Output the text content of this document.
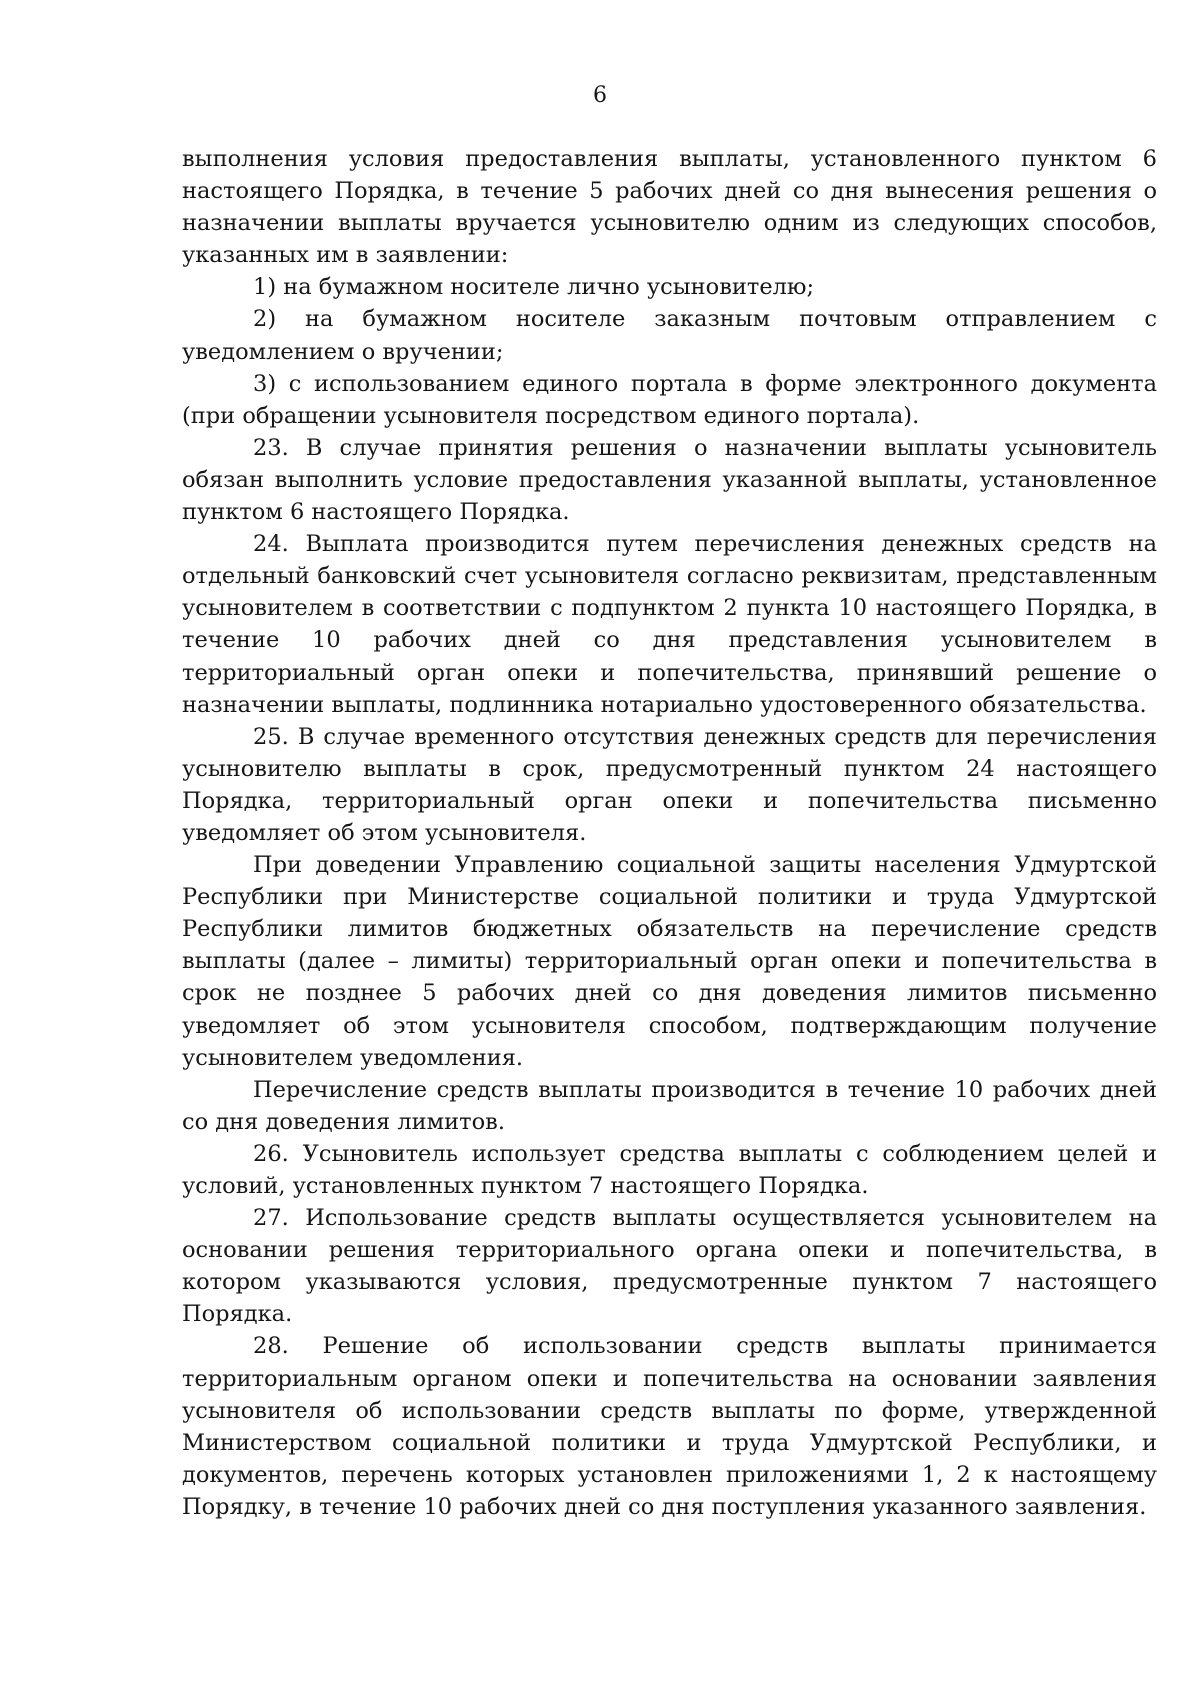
6

выполнения условия предоставления выплаты, установленного пунктом 6 настоящего Порядка, в течение 5 рабочих дней со дня вынесения решения о назначении выплаты вручается усыновителю одним из следующих способов, указанных им в заявлении:

1) на бумажном носителе лично усыновителю;

2) на бумажном носителе заказным почтовым отправлением с уведомлением о вручении;

3) с использованием единого портала в форме электронного документа (при обращении усыновителя посредством единого портала).

23. В случае принятия решения о назначении выплаты усыновитель обязан выполнить условие предоставления указанной выплаты, установленное пунктом 6 настоящего Порядка.

24. Выплата производится путем перечисления денежных средств на отдельный банковский счет усыновителя согласно реквизитам, представленным усыновителем в соответствии с подпунктом 2 пункта 10 настоящего Порядка, в течение 10 рабочих дней со дня представления усыновителем в территориальный орган опеки и попечительства, принявший решение о назначении выплаты, подлинника нотариально удостоверенного обязательства.

25. В случае временного отсутствия денежных средств для перечисления усыновителю выплаты в срок, предусмотренный пунктом 24 настоящего Порядка, территориальный орган опеки и попечительства письменно уведомляет об этом усыновителя.

При доведении Управлению социальной защиты населения Удмуртской Республики при Министерстве социальной политики и труда Удмуртской Республики лимитов бюджетных обязательств на перечисление средств выплаты (далее – лимиты) территориальный орган опеки и попечительства в срок не позднее 5 рабочих дней со дня доведения лимитов письменно уведомляет об этом усыновителя способом, подтверждающим получение усыновителем уведомления.

Перечисление средств выплаты производится в течение 10 рабочих дней со дня доведения лимитов.

26. Усыновитель использует средства выплаты с соблюдением целей и условий, установленных пунктом 7 настоящего Порядка.

27. Использование средств выплаты осуществляется усыновителем на основании решения территориального органа опеки и попечительства, в котором указываются условия, предусмотренные пунктом 7 настоящего Порядка.

28. Решение об использовании средств выплаты принимается территориальным органом опеки и попечительства на основании заявления усыновителя об использовании средств выплаты по форме, утвержденной Министерством социальной политики и труда Удмуртской Республики, и документов, перечень которых установлен приложениями 1, 2 к настоящему Порядку, в течение 10 рабочих дней со дня поступления указанного заявления.
